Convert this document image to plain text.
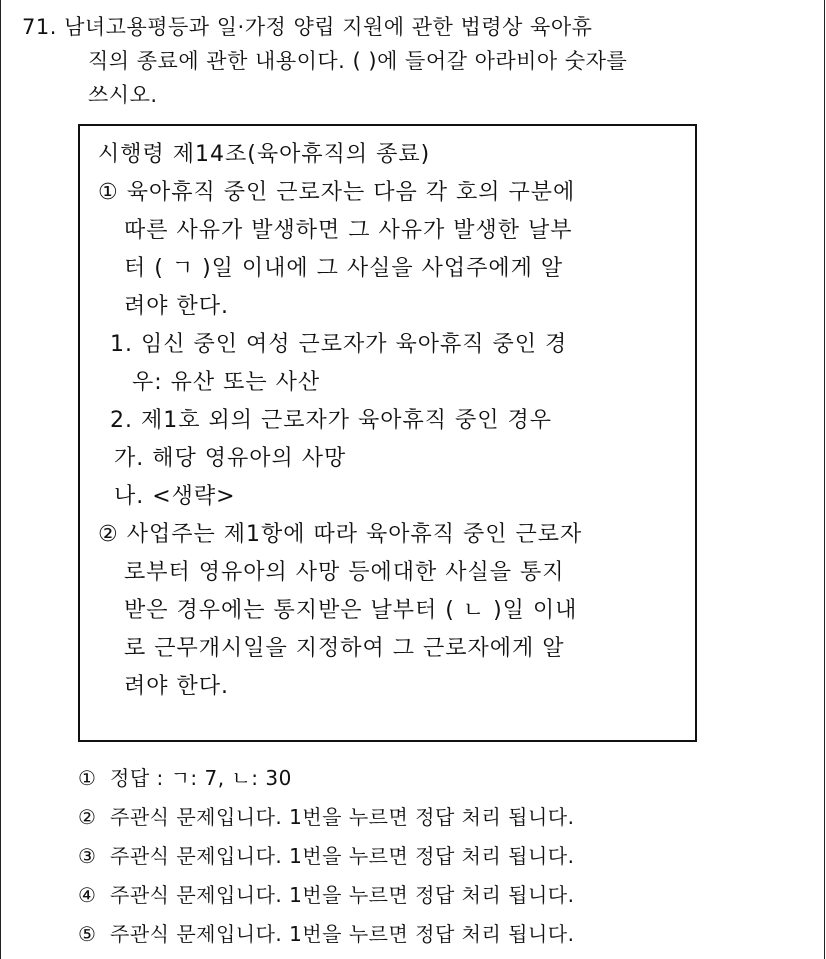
71. 남녀고용평등과 일·가정 양립 지원에 관한 법령상 육아휴
직의 종료에 관한 내용이다. ( )에 들어갈 아라비아 숫자를
쓰시오.
시행령 제14조(육아휴직의 종료)
① 육아휴직 중인 근로자는 다음 각 호의 구분에
따른 사유가 발생하면 그 사유가 발생한 날부
터 ( ㄱ )일 이내에 그 사실을 사업주에게 알
려야 한다.
1. 임신 중인 여성 근로자가 육아휴직 중인 경
우: 유산 또는 사산
2. 제1호 외의 근로자가 육아휴직 중인 경우
가. 해당 영유아의 사망
나. <생략>
② 사업주는 제1항에 따라 육아휴직 중인 근로자
로부터 영유아의 사망 등에대한 사실을 통지
받은 경우에는 통지받은 날부터 ( ㄴ )일 이내
로 근무개시일을 지정하여 그 근로자에게 알
려야 한다.
① 정답 : ㄱ: 7, ㄴ: 30
② 주관식 문제입니다. 1번을 누르면 정답 처리 됩니다.
③ 주관식 문제입니다. 1번을 누르면 정답 처리 됩니다.
④ 주관식 문제입니다. 1번을 누르면 정답 처리 됩니다.
⑤ 주관식 문제입니다. 1번을 누르면 정답 처리 됩니다.
